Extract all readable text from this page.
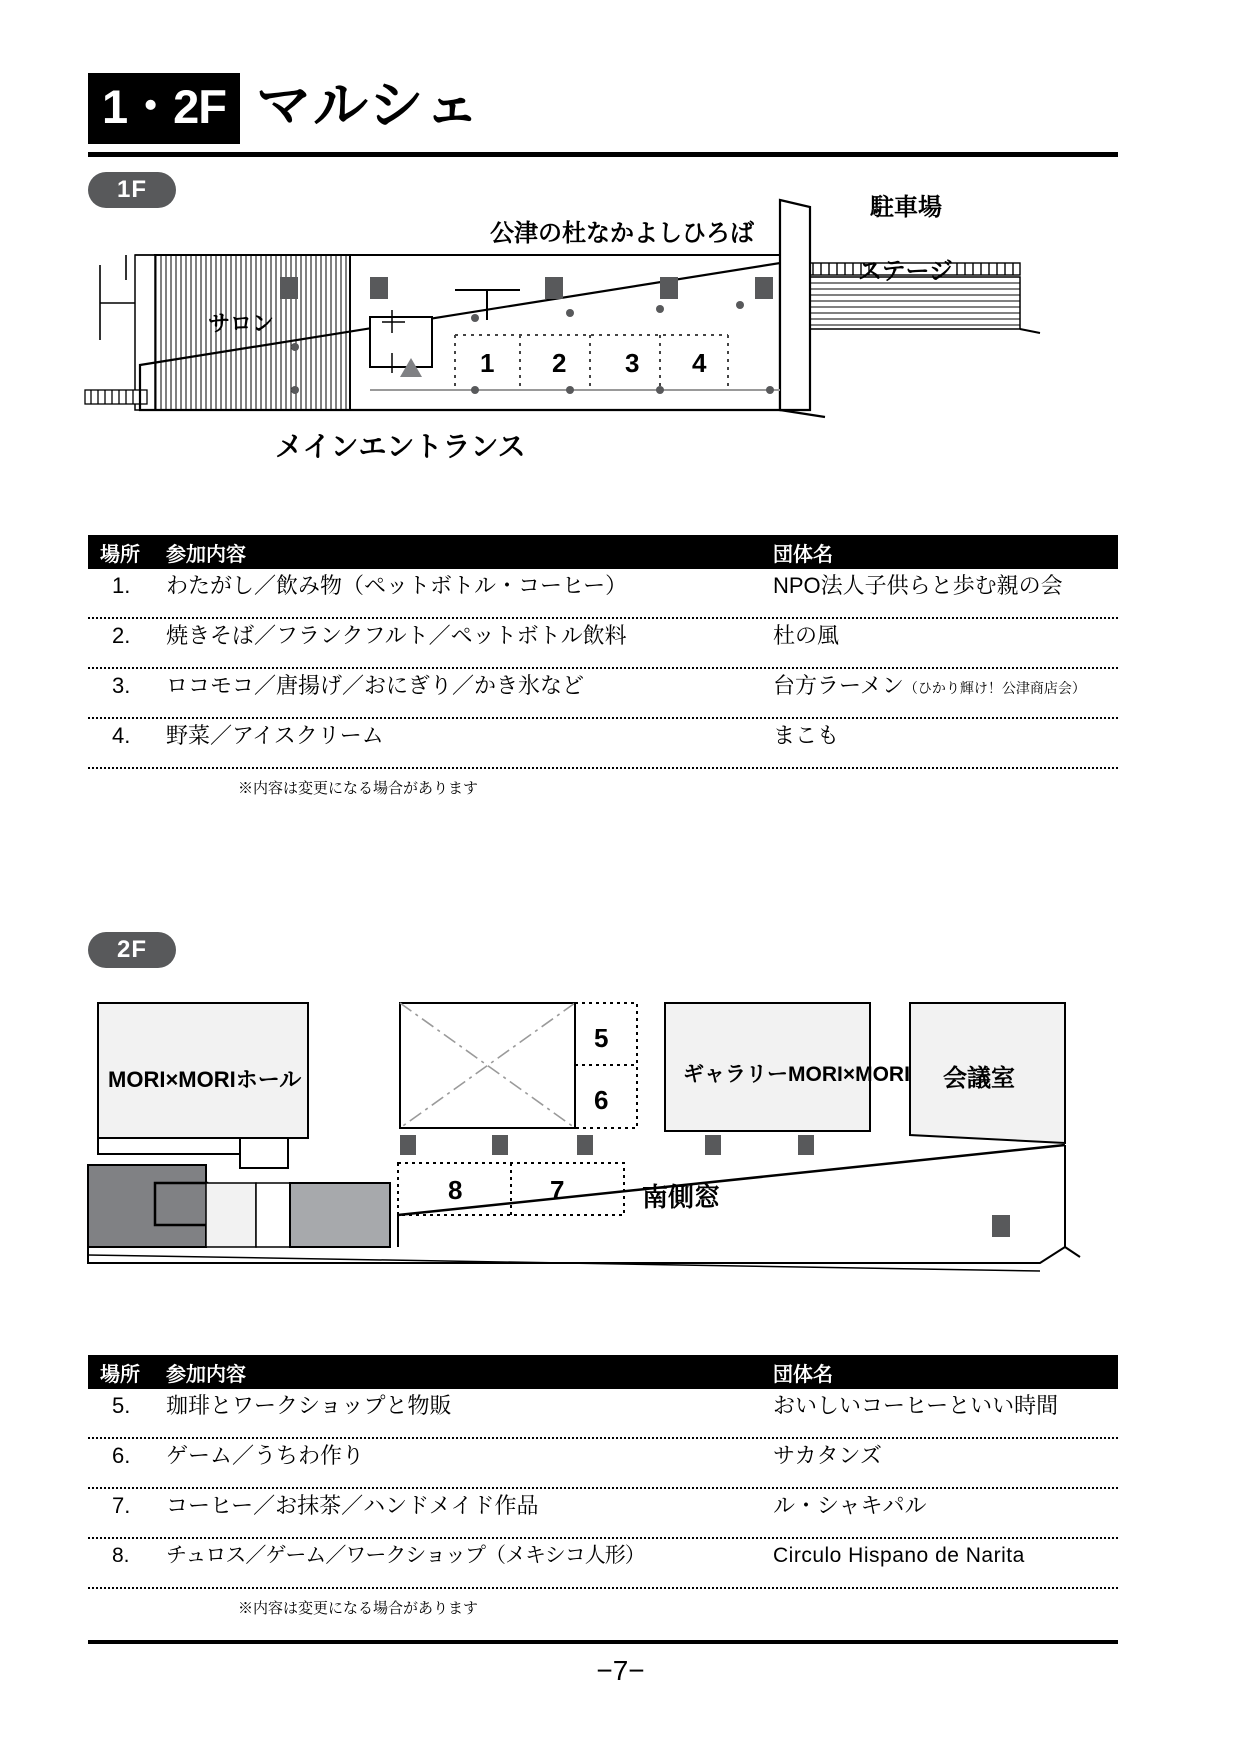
1・2F マルシェ
1F
サロン
公津の杜なかよしひろば
駐車場
ステージ
メインエントランス
1 2 3 4
場所	参加内容	団体名
1.	わたがし／飲み物（ペットボトル・コーヒー）	NPO法人子供らと歩む親の会
2.	焼きそば／フランクフルト／ペットボトル飲料	杜の風
3.	ロコモコ／唐揚げ／おにぎり／かき氷など	台方ラーメン（ひかり輝け！公津商店会）
4.	野菜／アイスクリーム	まこも
※内容は変更になる場合があります
2F
MORI×MORIホール	ギャラリーMORI×MORI 会議室
南側窓
5
6
7
8
場所	参加内容	団体名
5.	珈琲とワークショップと物販	おいしいコーヒーといい時間
6.	ゲーム／うちわ作り	サカタンズ
7.	コーヒー／お抹茶／ハンドメイド作品	ル・シャキパル
8.	チュロス／ゲーム／ワークショップ（メキシコ人形）	Circulo Hispano de Narita
※内容は変更になる場合があります
−7−
